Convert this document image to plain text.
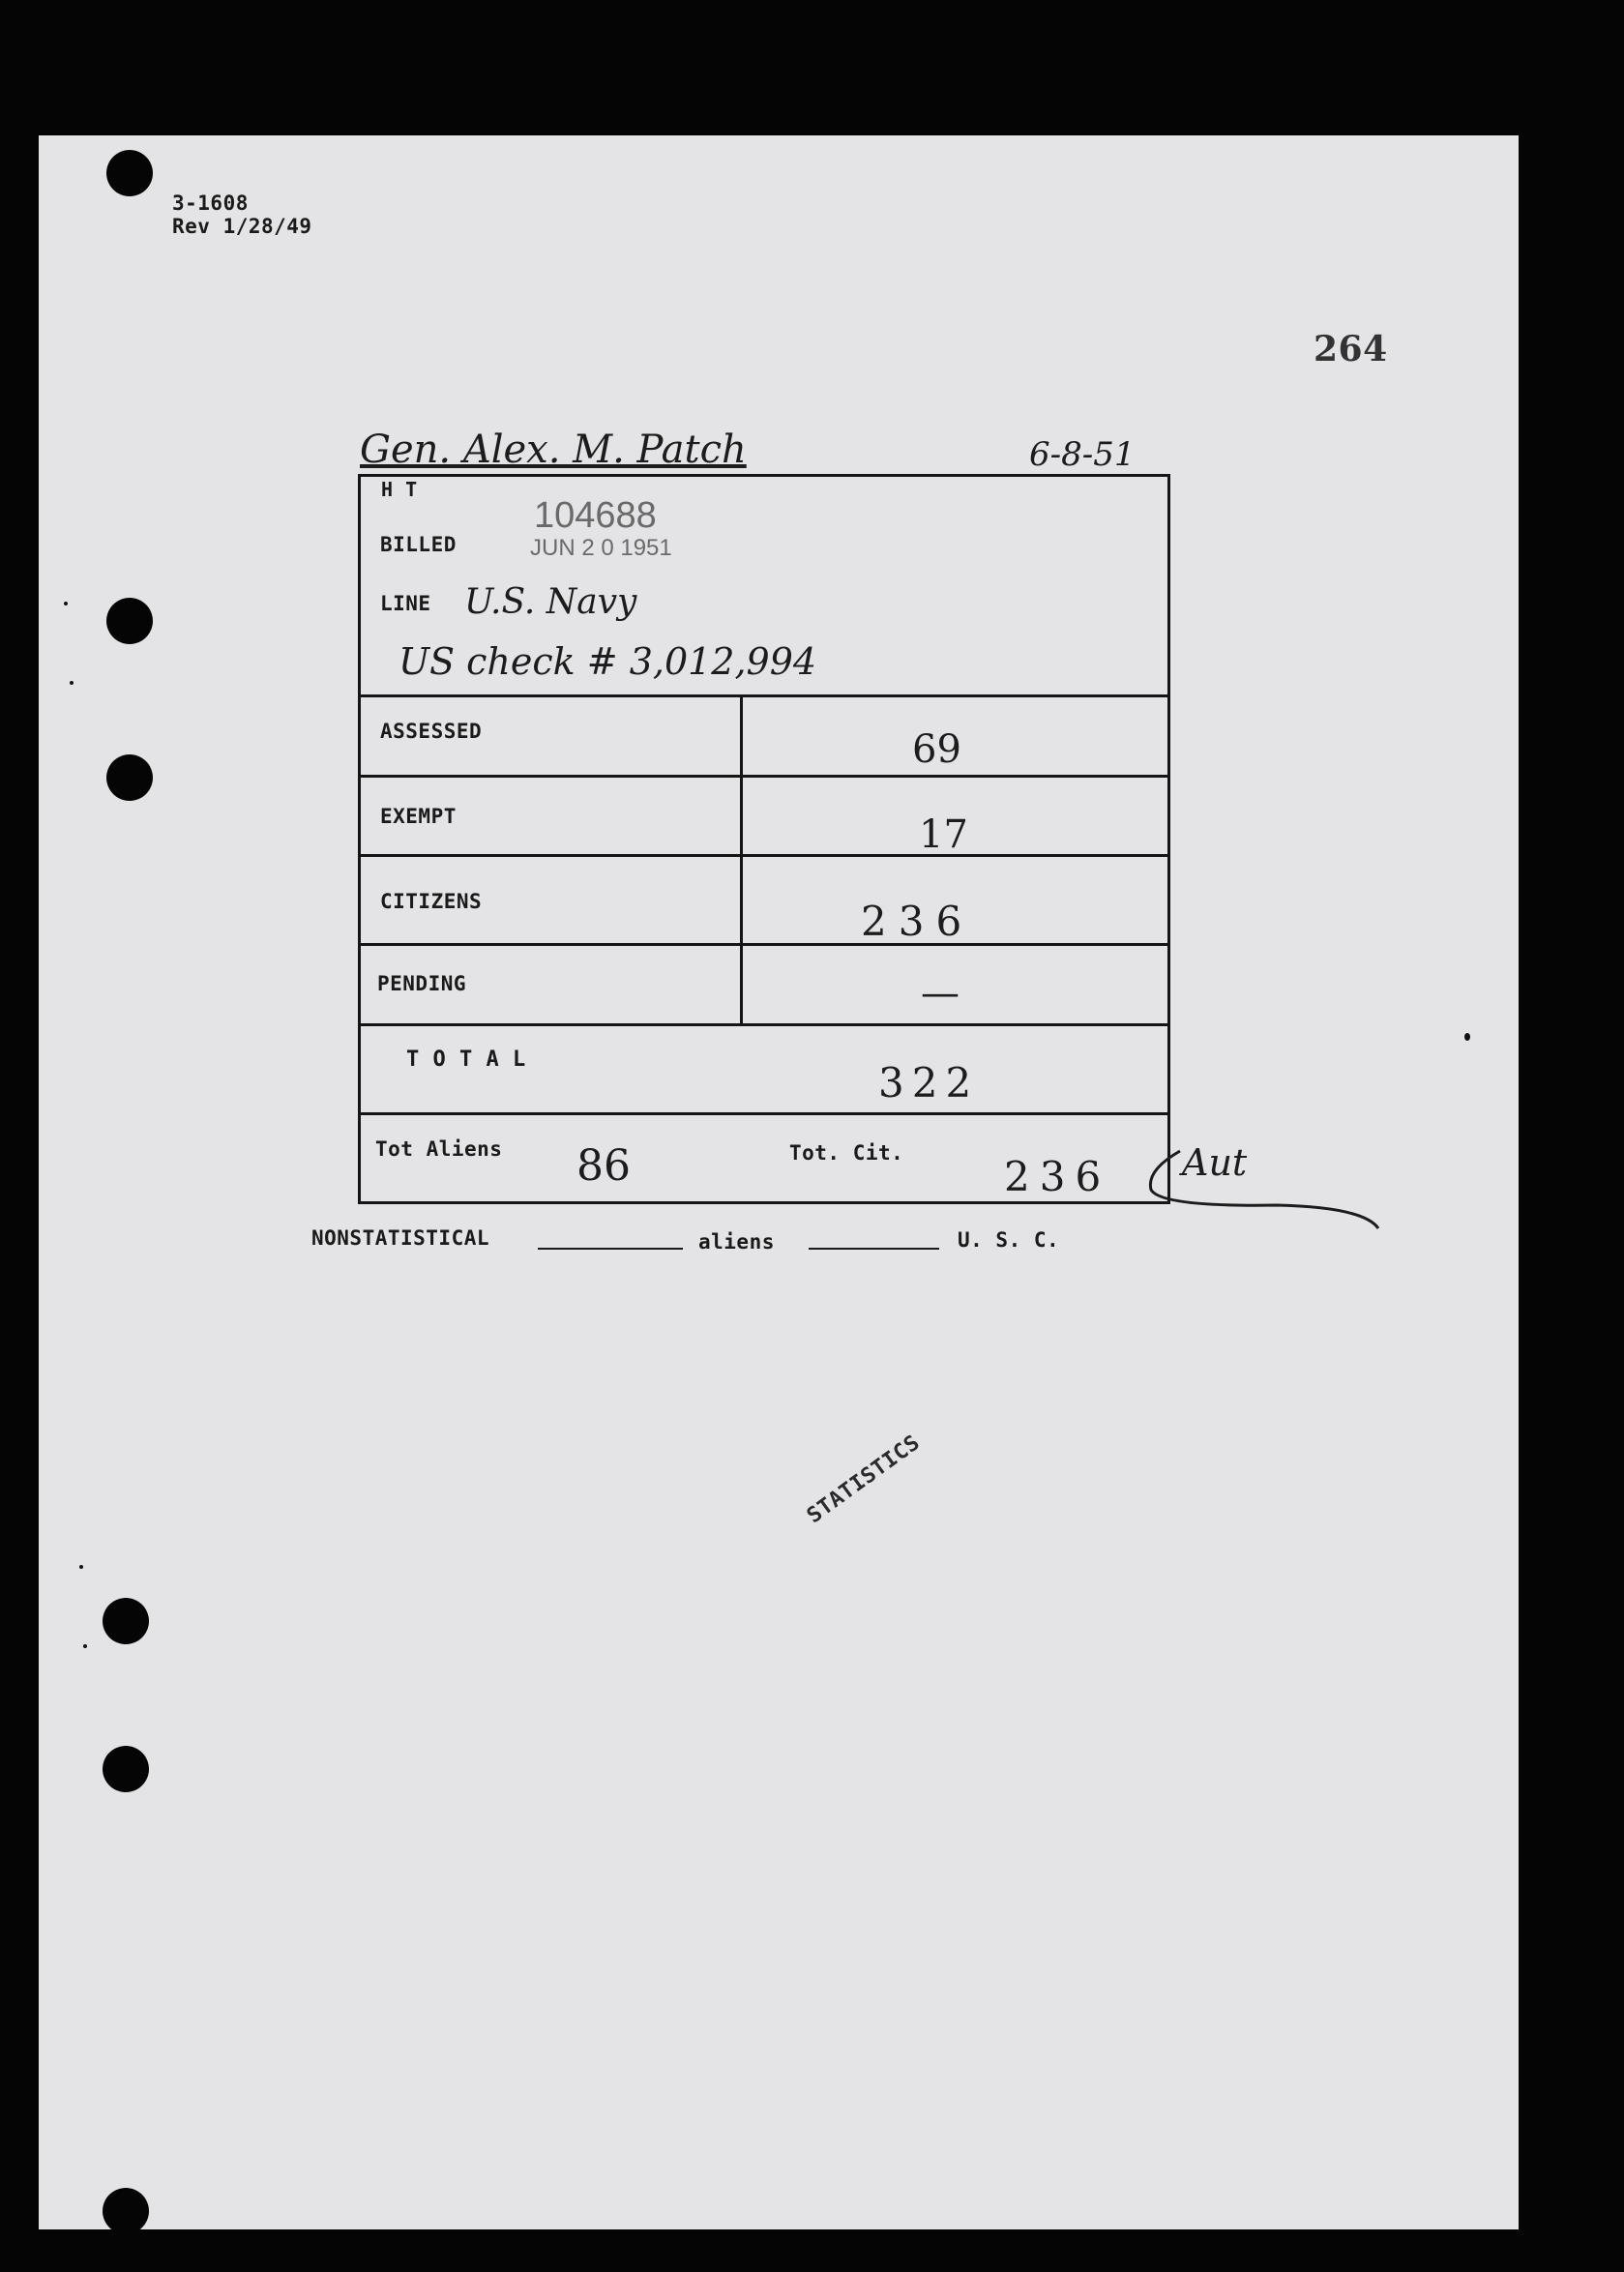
3-1608
Rev 1/28/49
264
Gen. Alex. M. Patch	6-8-51
H T
BILLED
104688
JUN 2 0 1951
LINE U.S. Navy
US check # 3,012,994
ASSESSED	69
EXEMPT	17
CITIZENS	236
PENDING	—
T O T A L	322
Tot Aliens 86	Tot. Cit. 236 Aut
NONSTATISTICAL	aliens	U. S. C.
STATISTICS
